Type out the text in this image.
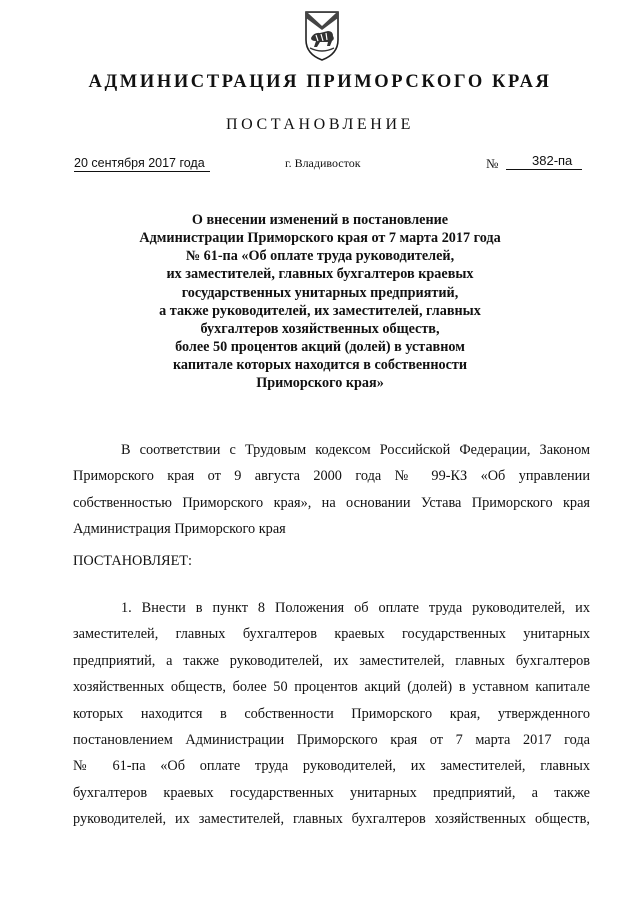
АДМИНИСТРАЦИЯ ПРИМОРСКОГО КРАЯ
ПОСТАНОВЛЕНИЕ
20 сентября 2017 года	г. Владивосток	№	382-па
О внесении изменений в постановление
Администрации Приморского края от 7 марта 2017 года
№ 61-па «Об оплате труда руководителей,
их заместителей, главных бухгалтеров краевых
государственных унитарных предприятий,
а также руководителей, их заместителей, главных
бухгалтеров хозяйственных обществ,
более 50 процентов акций (долей) в уставном
капитале которых находится в собственности
Приморского края»
В соответствии с Трудовым кодексом Российской Федерации, Законом
Приморского края от 9 августа 2000 года № 99-КЗ «Об управлении
собственностью Приморского края», на основании Устава Приморского края
Администрация Приморского края
ПОСТАНОВЛЯЕТ:
1. Внести в пункт 8 Положения об оплате труда руководителей, их
заместителей, главных бухгалтеров краевых государственных унитарных
предприятий, а также руководителей, их заместителей, главных бухгалтеров
хозяйственных обществ, более 50 процентов акций (долей) в уставном капитале
которых находится в собственности Приморского края, утвержденного
постановлением Администрации Приморского края от 7 марта 2017 года
№ 61-па «Об оплате труда руководителей, их заместителей, главных
бухгалтеров краевых государственных унитарных предприятий, а также
руководителей, их заместителей, главных бухгалтеров хозяйственных обществ,
